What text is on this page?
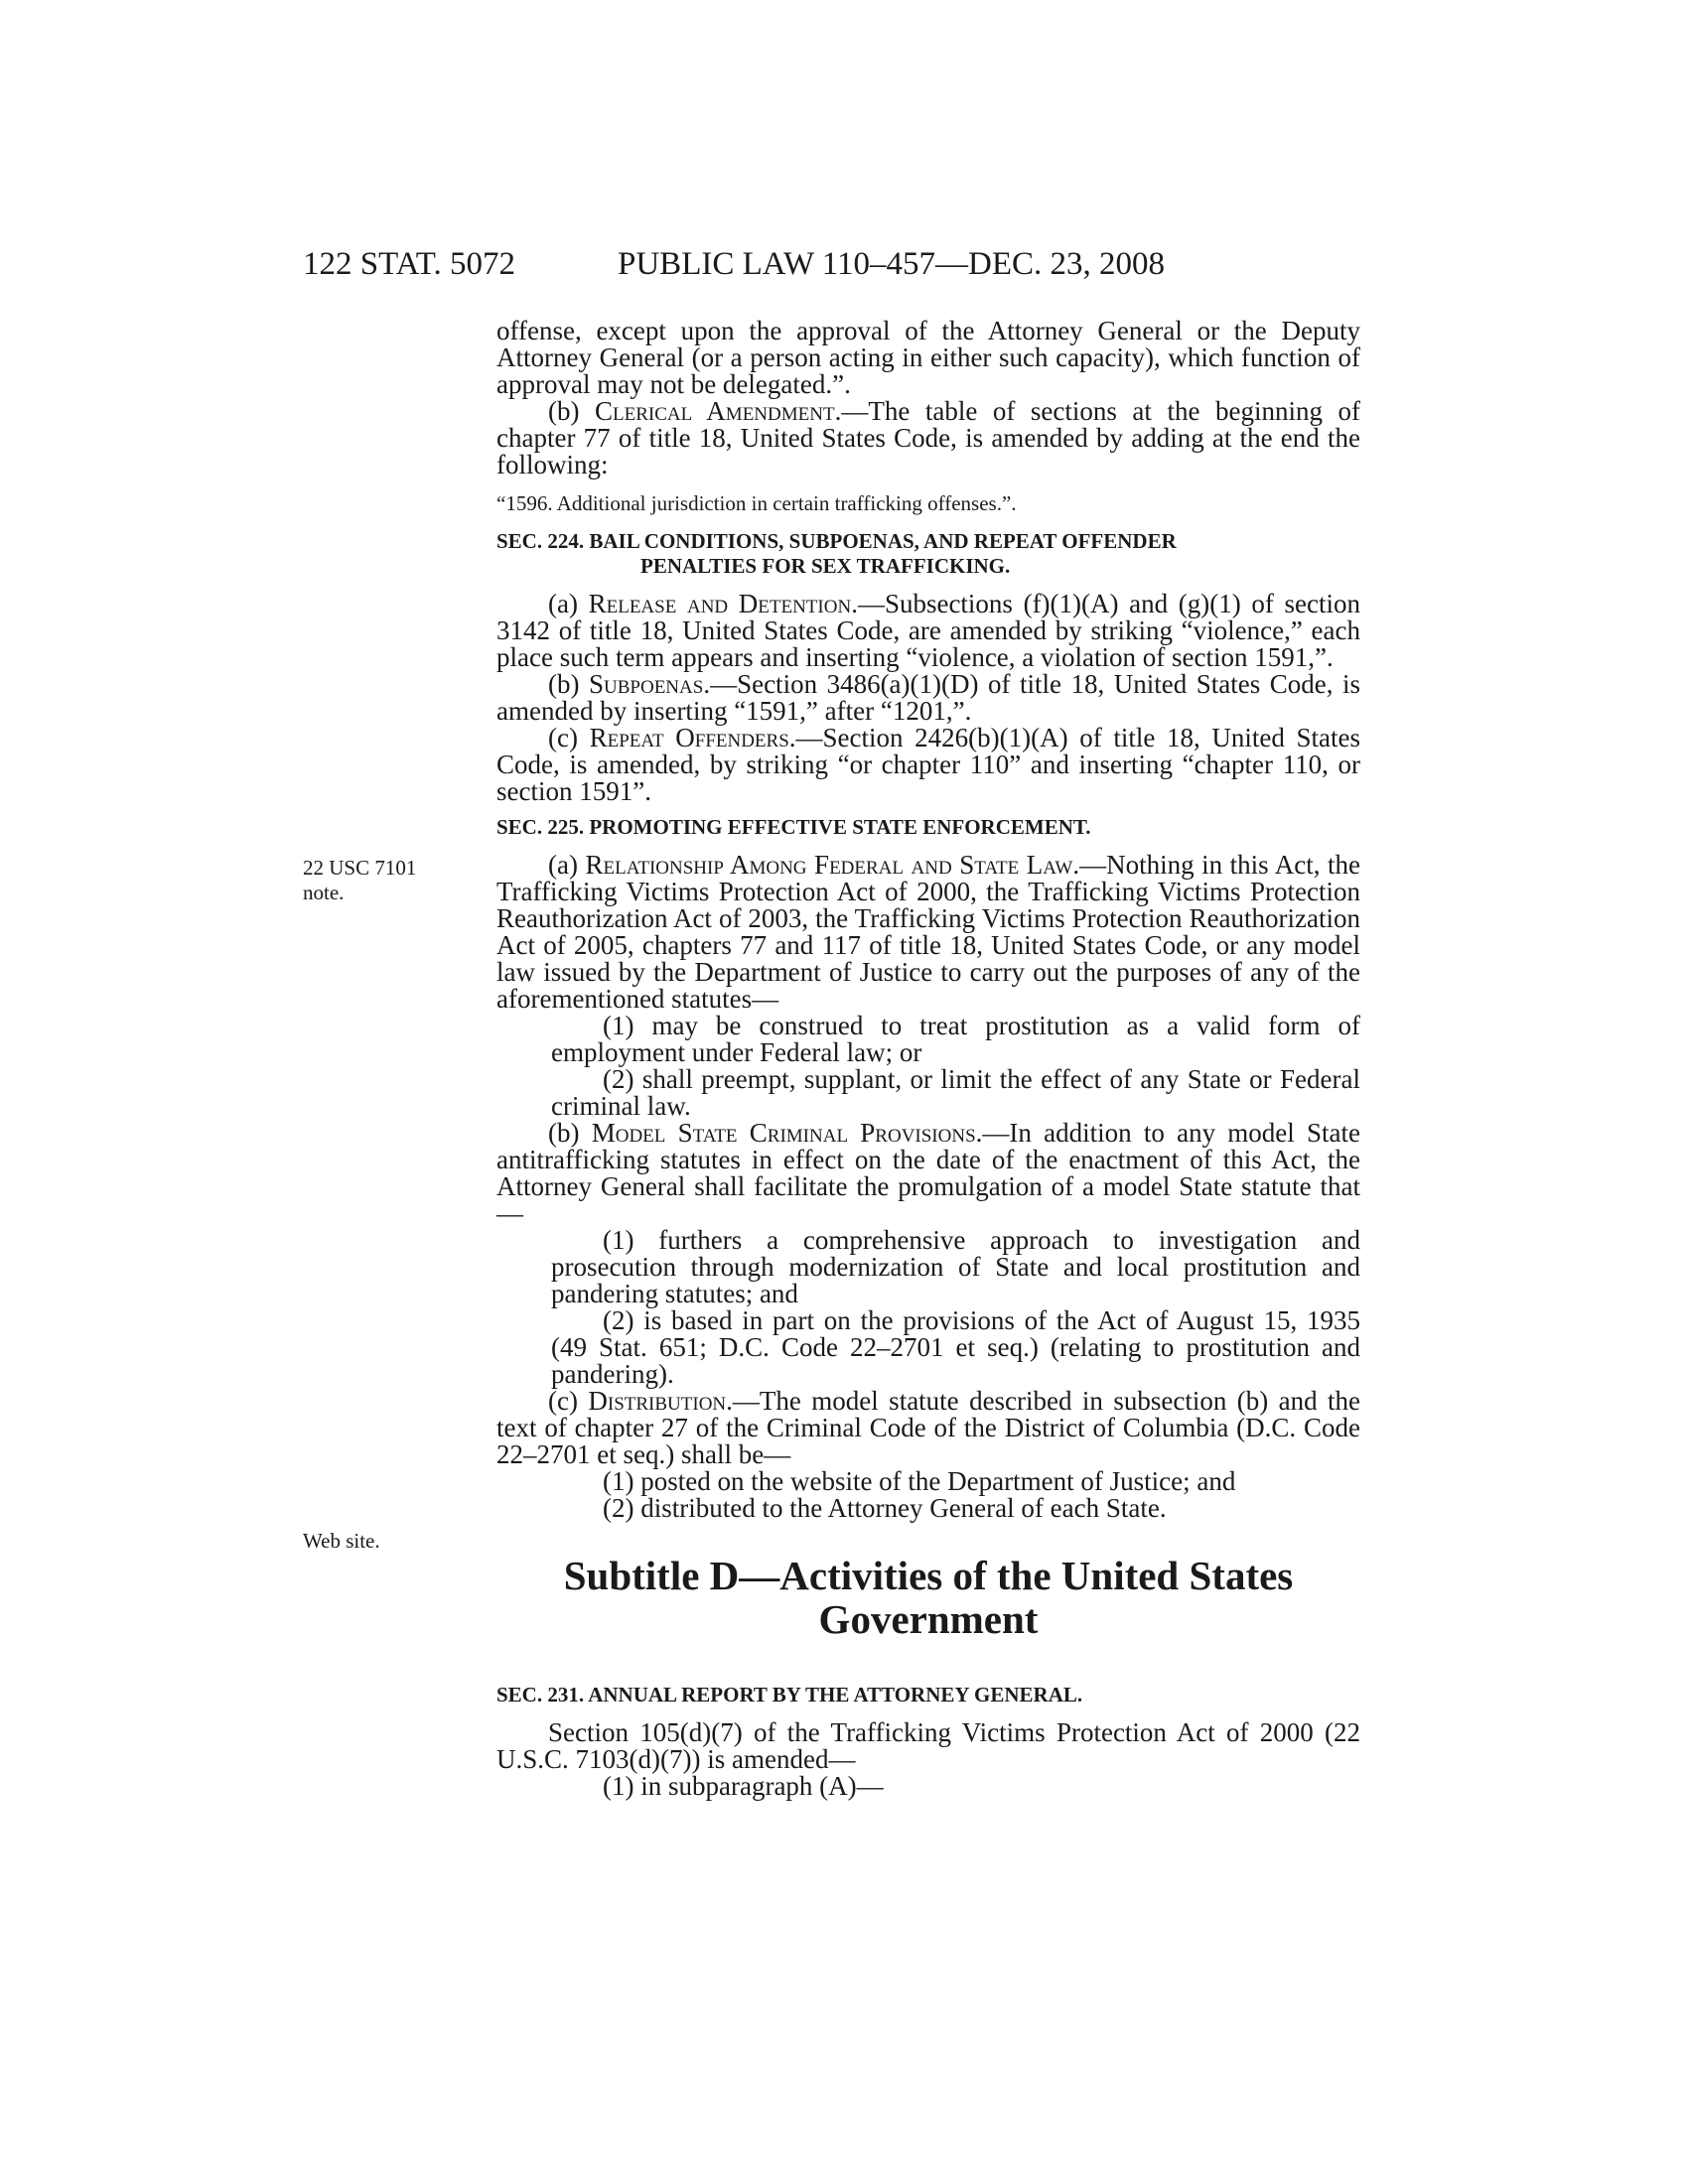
122 STAT. 5072	PUBLIC LAW 110–457—DEC. 23, 2008
22 USC 7101 note.
Web site.

offense, except upon the approval of the Attorney General or the Deputy Attorney General (or a person acting in either such capacity), which function of approval may not be delegated.”.

(b) Clerical Amendment.—The table of sections at the beginning of chapter 77 of title 18, United States Code, is amended by adding at the end the following:

“1596. Additional jurisdiction in certain trafficking offenses.”.

SEC. 224. BAIL CONDITIONS, SUBPOENAS, AND REPEAT OFFENDER
PENALTIES FOR SEX TRAFFICKING.

(a) Release and Detention.—Subsections (f)(1)(A) and (g)(1) of section 3142 of title 18, United States Code, are amended by striking “violence,” each place such term appears and inserting “violence, a violation of section 1591,”.

(b) Subpoenas.—Section 3486(a)(1)(D) of title 18, United States Code, is amended by inserting “1591,” after “1201,”.

(c) Repeat Offenders.—Section 2426(b)(1)(A) of title 18, United States Code, is amended, by striking “or chapter 110” and inserting “chapter 110, or section 1591”.

SEC. 225. PROMOTING EFFECTIVE STATE ENFORCEMENT.

(a) Relationship Among Federal and State Law.—Nothing in this Act, the Trafficking Victims Protection Act of 2000, the Trafficking Victims Protection Reauthorization Act of 2003, the Trafficking Victims Protection Reauthorization Act of 2005, chapters 77 and 117 of title 18, United States Code, or any model law issued by the Department of Justice to carry out the purposes of any of the aforementioned statutes—

(1) may be construed to treat prostitution as a valid form of employment under Federal law; or

(2) shall preempt, supplant, or limit the effect of any State or Federal criminal law.

(b) Model State Criminal Provisions.—In addition to any model State antitrafficking statutes in effect on the date of the enactment of this Act, the Attorney General shall facilitate the promulgation of a model State statute that—

(1) furthers a comprehensive approach to investigation and prosecution through modernization of State and local prostitution and pandering statutes; and

(2) is based in part on the provisions of the Act of August 15, 1935 (49 Stat. 651; D.C. Code 22–2701 et seq.) (relating to prostitution and pandering).

(c) Distribution.—The model statute described in subsection (b) and the text of chapter 27 of the Criminal Code of the District of Columbia (D.C. Code 22–2701 et seq.) shall be—

(1) posted on the website of the Department of Justice; and

(2) distributed to the Attorney General of each State.

Subtitle D—Activities of the United States Government

SEC. 231. ANNUAL REPORT BY THE ATTORNEY GENERAL.

Section 105(d)(7) of the Trafficking Victims Protection Act of 2000 (22 U.S.C. 7103(d)(7)) is amended—

(1) in subparagraph (A)—
